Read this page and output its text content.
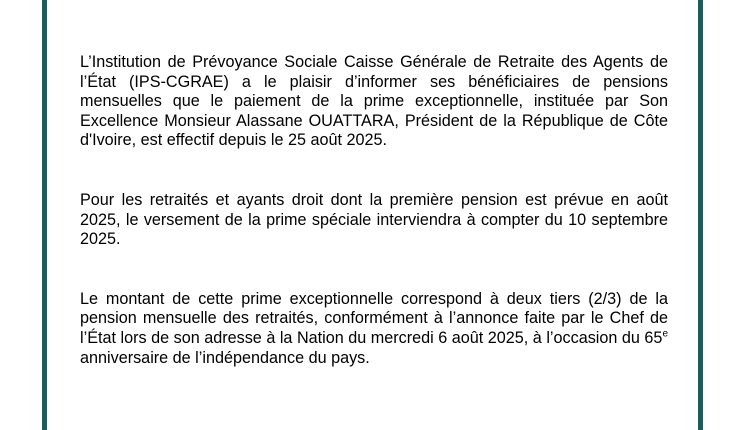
L’Institution de Prévoyance Sociale Caisse Générale de Retraite des Agents de l’État (IPS-CGRAE) a le plaisir d’informer ses bénéficiaires de pensions mensuelles que le paiement de la prime exceptionnelle, instituée par Son Excellence Monsieur Alassane OUATTARA, Président de la République de Côte d'Ivoire, est effectif depuis le 25 août 2025.

Pour les retraités et ayants droit dont la première pension est prévue en août 2025, le versement de la prime spéciale interviendra à compter du 10 septembre 2025.

Le montant de cette prime exceptionnelle correspond à deux tiers (2/3) de la pension mensuelle des retraités, conformément à l’annonce faite par le Chef de l’État lors de son adresse à la Nation du mercredi 6 août 2025, à l’occasion du 65e anniversaire de l’indépendance du pays.
